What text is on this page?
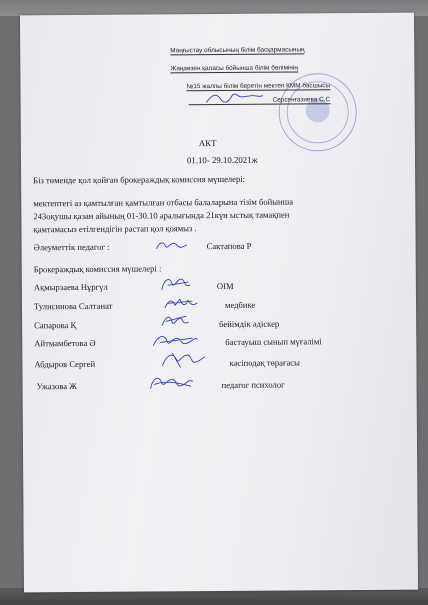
Маңғыстау облысының білім басқармасының
Жаңаөзен қаласы бойынша білім бөлімінің
№15 жалпы білім беретін мектеп КММ басшысы
Серсенғазиева С.С
АКТ
01.10- 29.10.2021ж
Біз төменде қол қойған брокераждық комиссия мүшелері:
мектептегі аз қамтылған қамтылған отбасы балаларына тізім бойынша
243оқушы қазан айының 01-30.10 аралығында 21күн ыстық тамақпен
қамтамасыз етілгендігін растап қол қоямыз .
Әлеуметтік педагог :	Сактапова Р
Брокераждық комиссия мүшелері :
Ақмырзаева Нұргүл	ОІМ
Тулисинова Салтанат	медбике
Сапарова Қ	бейімдік әдіскер
Айтмамбетова Ә	бастауыш сынып мүғалімі
Абдыров Сергей	кәсіподақ төрағасы
Ужазова Ж	педагог психолог
